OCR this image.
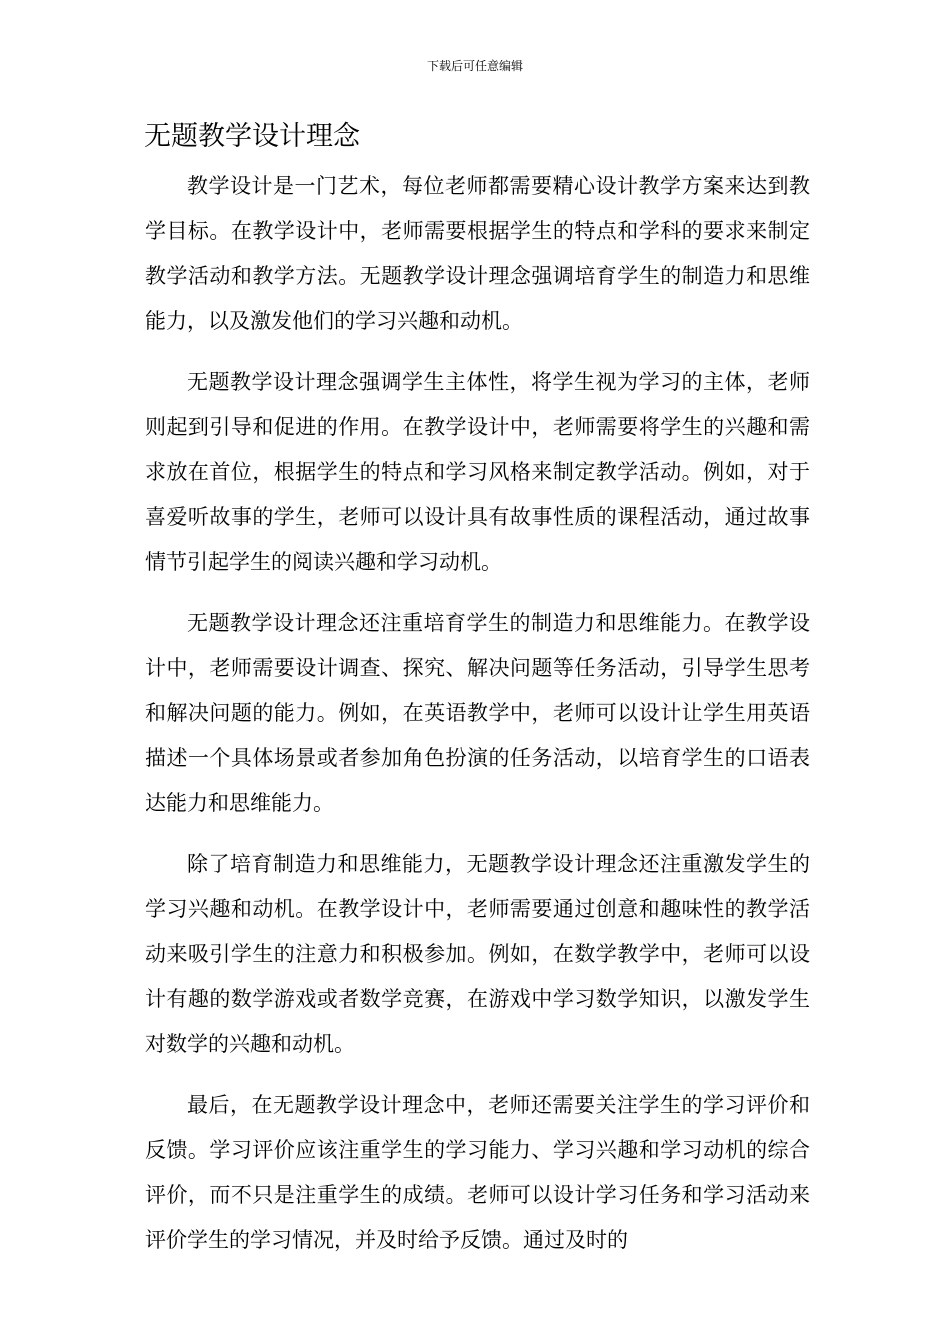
下载后可任意编辑
无题教学设计理念

教学设计是一门艺术，每位老师都需要精心设计教学方案来达到教学目标。在教学设计中，老师需要根据学生的特点和学科的要求来制定教学活动和教学方法。无题教学设计理念强调培育学生的制造力和思维能力，以及激发他们的学习兴趣和动机。

无题教学设计理念强调学生主体性，将学生视为学习的主体，老师则起到引导和促进的作用。在教学设计中，老师需要将学生的兴趣和需求放在首位，根据学生的特点和学习风格来制定教学活动。例如，对于喜爱听故事的学生，老师可以设计具有故事性质的课程活动，通过故事情节引起学生的阅读兴趣和学习动机。

无题教学设计理念还注重培育学生的制造力和思维能力。在教学设计中，老师需要设计调查、探究、解决问题等任务活动，引导学生思考和解决问题的能力。例如，在英语教学中，老师可以设计让学生用英语描述一个具体场景或者参加角色扮演的任务活动，以培育学生的口语表达能力和思维能力。

除了培育制造力和思维能力，无题教学设计理念还注重激发学生的学习兴趣和动机。在教学设计中，老师需要通过创意和趣味性的教学活动来吸引学生的注意力和积极参加。例如，在数学教学中，老师可以设计有趣的数学游戏或者数学竞赛，在游戏中学习数学知识，以激发学生对数学的兴趣和动机。

最后，在无题教学设计理念中，老师还需要关注学生的学习评价和反馈。学习评价应该注重学生的学习能力、学习兴趣和学习动机的综合评价，而不只是注重学生的成绩。老师可以设计学习任务和学习活动来评价学生的学习情况，并及时给予反馈。通过及时的
